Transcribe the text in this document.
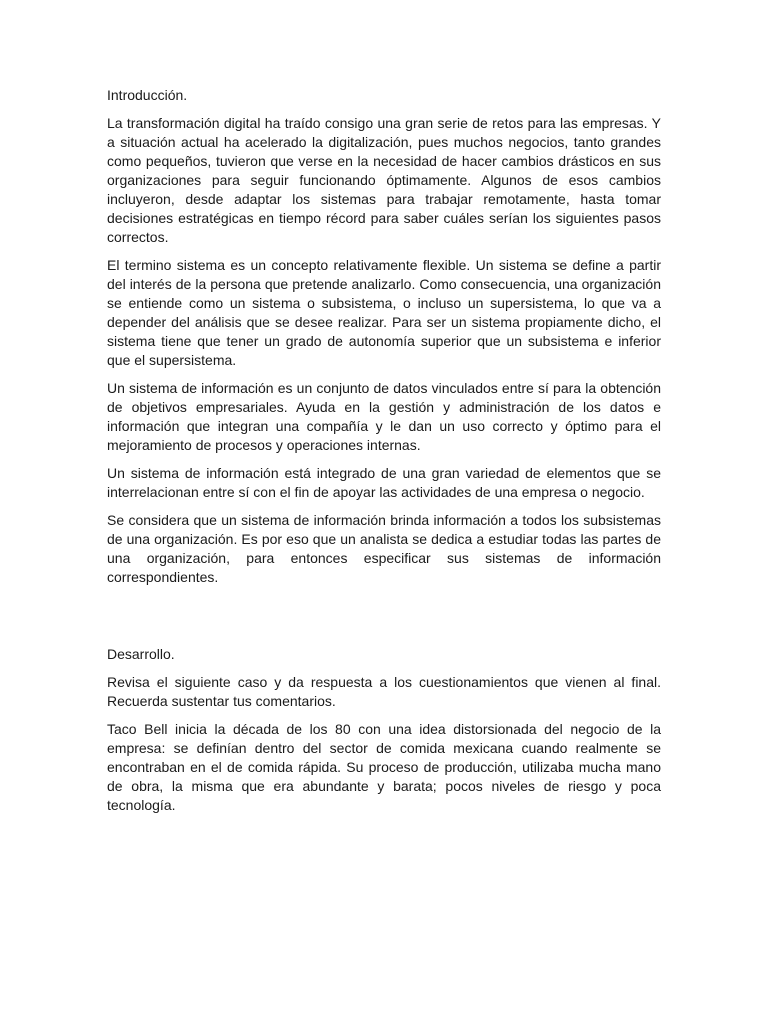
Introducción.

La transformación digital ha traído consigo una gran serie de retos para las empresas. Y a situación actual ha acelerado la digitalización, pues muchos negocios, tanto grandes como pequeños, tuvieron que verse en la necesidad de hacer cambios drásticos en sus organizaciones para seguir funcionando óptimamente. Algunos de esos cambios incluyeron, desde adaptar los sistemas para trabajar remotamente, hasta tomar decisiones estratégicas en tiempo récord para saber cuáles serían los siguientes pasos correctos.

El termino sistema es un concepto relativamente flexible. Un sistema se define a partir del interés de la persona que pretende analizarlo. Como consecuencia, una organización se entiende como un sistema o subsistema, o incluso un supersistema, lo que va a depender del análisis que se desee realizar. Para ser un sistema propiamente dicho, el sistema tiene que tener un grado de autonomía superior que un subsistema e inferior que el supersistema.

Un sistema de información es un conjunto de datos vinculados entre sí para la obtención de objetivos empresariales. Ayuda en la gestión y administración de los datos e información que integran una compañía y le dan un uso correcto y óptimo para el mejoramiento de procesos y operaciones internas.

Un sistema de información está integrado de una gran variedad de elementos que se interrelacionan entre sí con el fin de apoyar las actividades de una empresa o negocio.

Se considera que un sistema de información brinda información a todos los subsistemas de una organización. Es por eso que un analista se dedica a estudiar todas las partes de una organización, para entonces especificar sus sistemas de información correspondientes.

Desarrollo.

Revisa el siguiente caso y da respuesta a los cuestionamientos que vienen al final. Recuerda sustentar tus comentarios.

Taco Bell inicia la década de los 80 con una idea distorsionada del negocio de la empresa: se definían dentro del sector de comida mexicana cuando realmente se encontraban en el de comida rápida. Su proceso de producción, utilizaba mucha mano de obra, la misma que era abundante y barata; pocos niveles de riesgo y poca tecnología.
